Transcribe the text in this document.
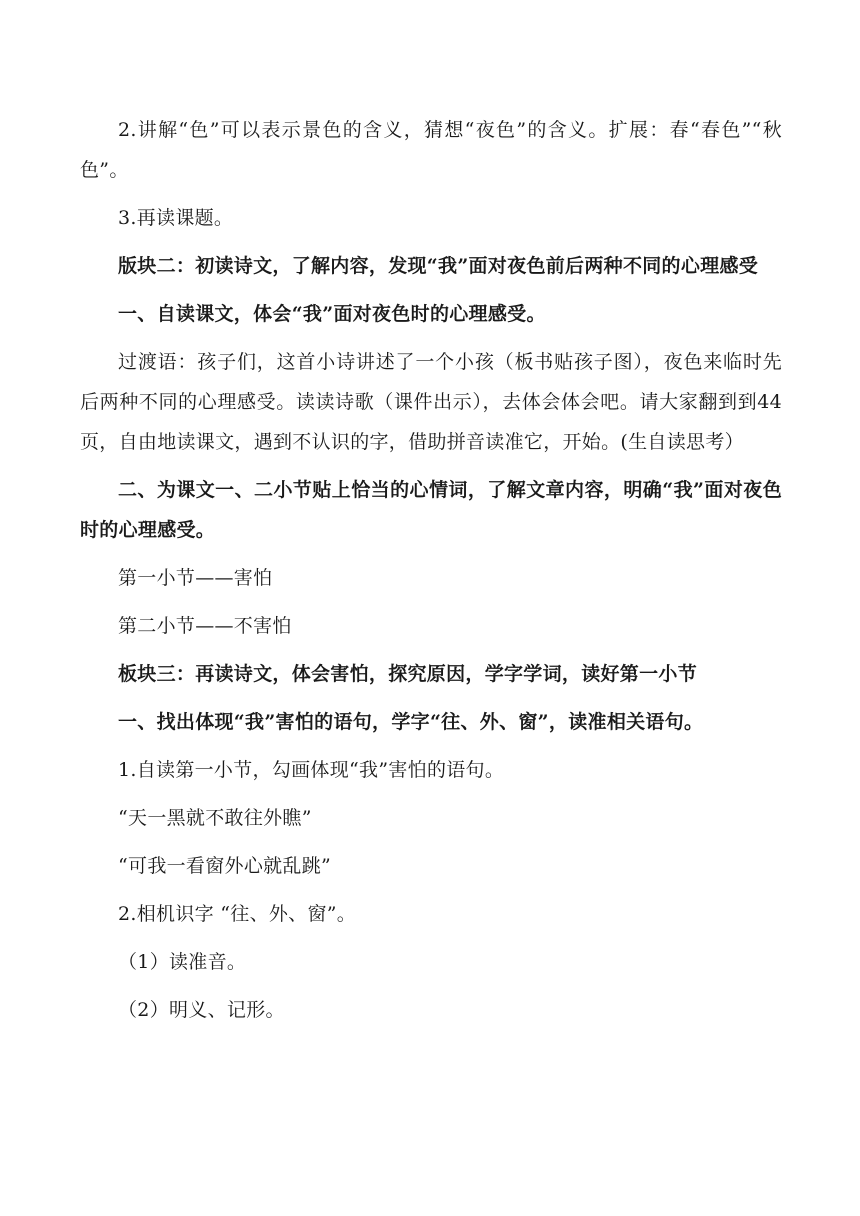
2.讲解“色”可以表示景色的含义，猜想“夜色”的含义。扩展：春“春色”“秋色”。

3.再读课题。

版块二：初读诗文，了解内容，发现“我”面对夜色前后两种不同的心理感受

一、自读课文，体会“我”面对夜色时的心理感受。

过渡语：孩子们，这首小诗讲述了一个小孩（板书贴孩子图），夜色来临时先后两种不同的心理感受。读读诗歌（课件出示），去体会体会吧。请大家翻到到44页，自由地读课文，遇到不认识的字，借助拼音读准它，开始。(生自读思考）

二、为课文一、二小节贴上恰当的心情词，了解文章内容，明确“我”面对夜色时的心理感受。

第一小节——害怕

第二小节——不害怕

板块三：再读诗文，体会害怕，探究原因，学字学词，读好第一小节

一、找出体现“我”害怕的语句，学字“往、外、窗”，读准相关语句。

1.自读第一小节，勾画体现“我”害怕的语句。

“天一黑就不敢往外瞧”

“可我一看窗外心就乱跳”

2.相机识字 “往、外、窗”。

（1）读准音。

（2）明义、记形。
